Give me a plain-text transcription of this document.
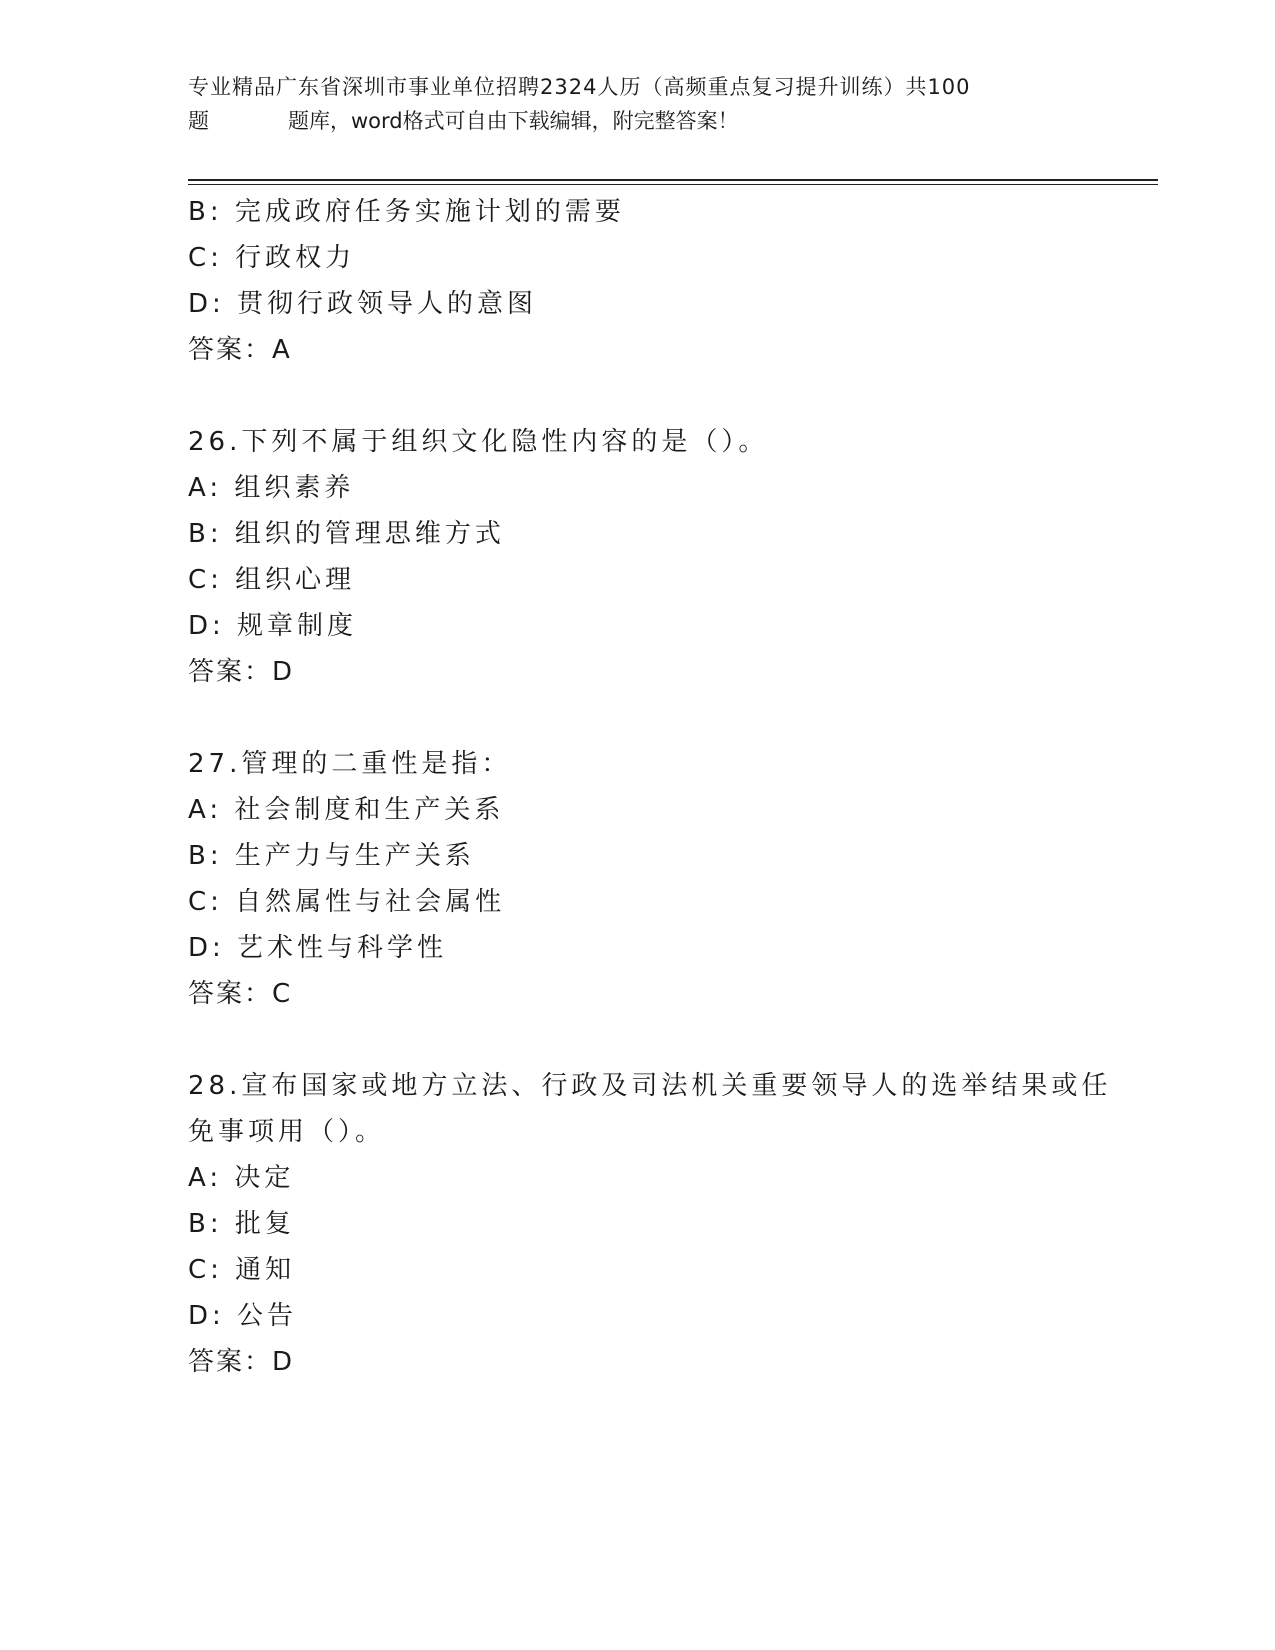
专业精品广东省深圳市事业单位招聘2324人历（高频重点复习提升训练）共100
题	题库，word格式可自由下载编辑，附完整答案！
B: 完成政府任务实施计划的需要
C: 行政权力
D: 贯彻行政领导人的意图
答案：A
26.下列不属于组织文化隐性内容的是（）。
A: 组织素养
B: 组织的管理思维方式
C: 组织心理
D: 规章制度
答案：D
27.管理的二重性是指：
A: 社会制度和生产关系
B: 生产力与生产关系
C: 自然属性与社会属性
D: 艺术性与科学性
答案：C
28.宣布国家或地方立法、行政及司法机关重要领导人的选举结果或任
免事项用（）。
A: 决定
B: 批复
C: 通知
D: 公告
答案：D
